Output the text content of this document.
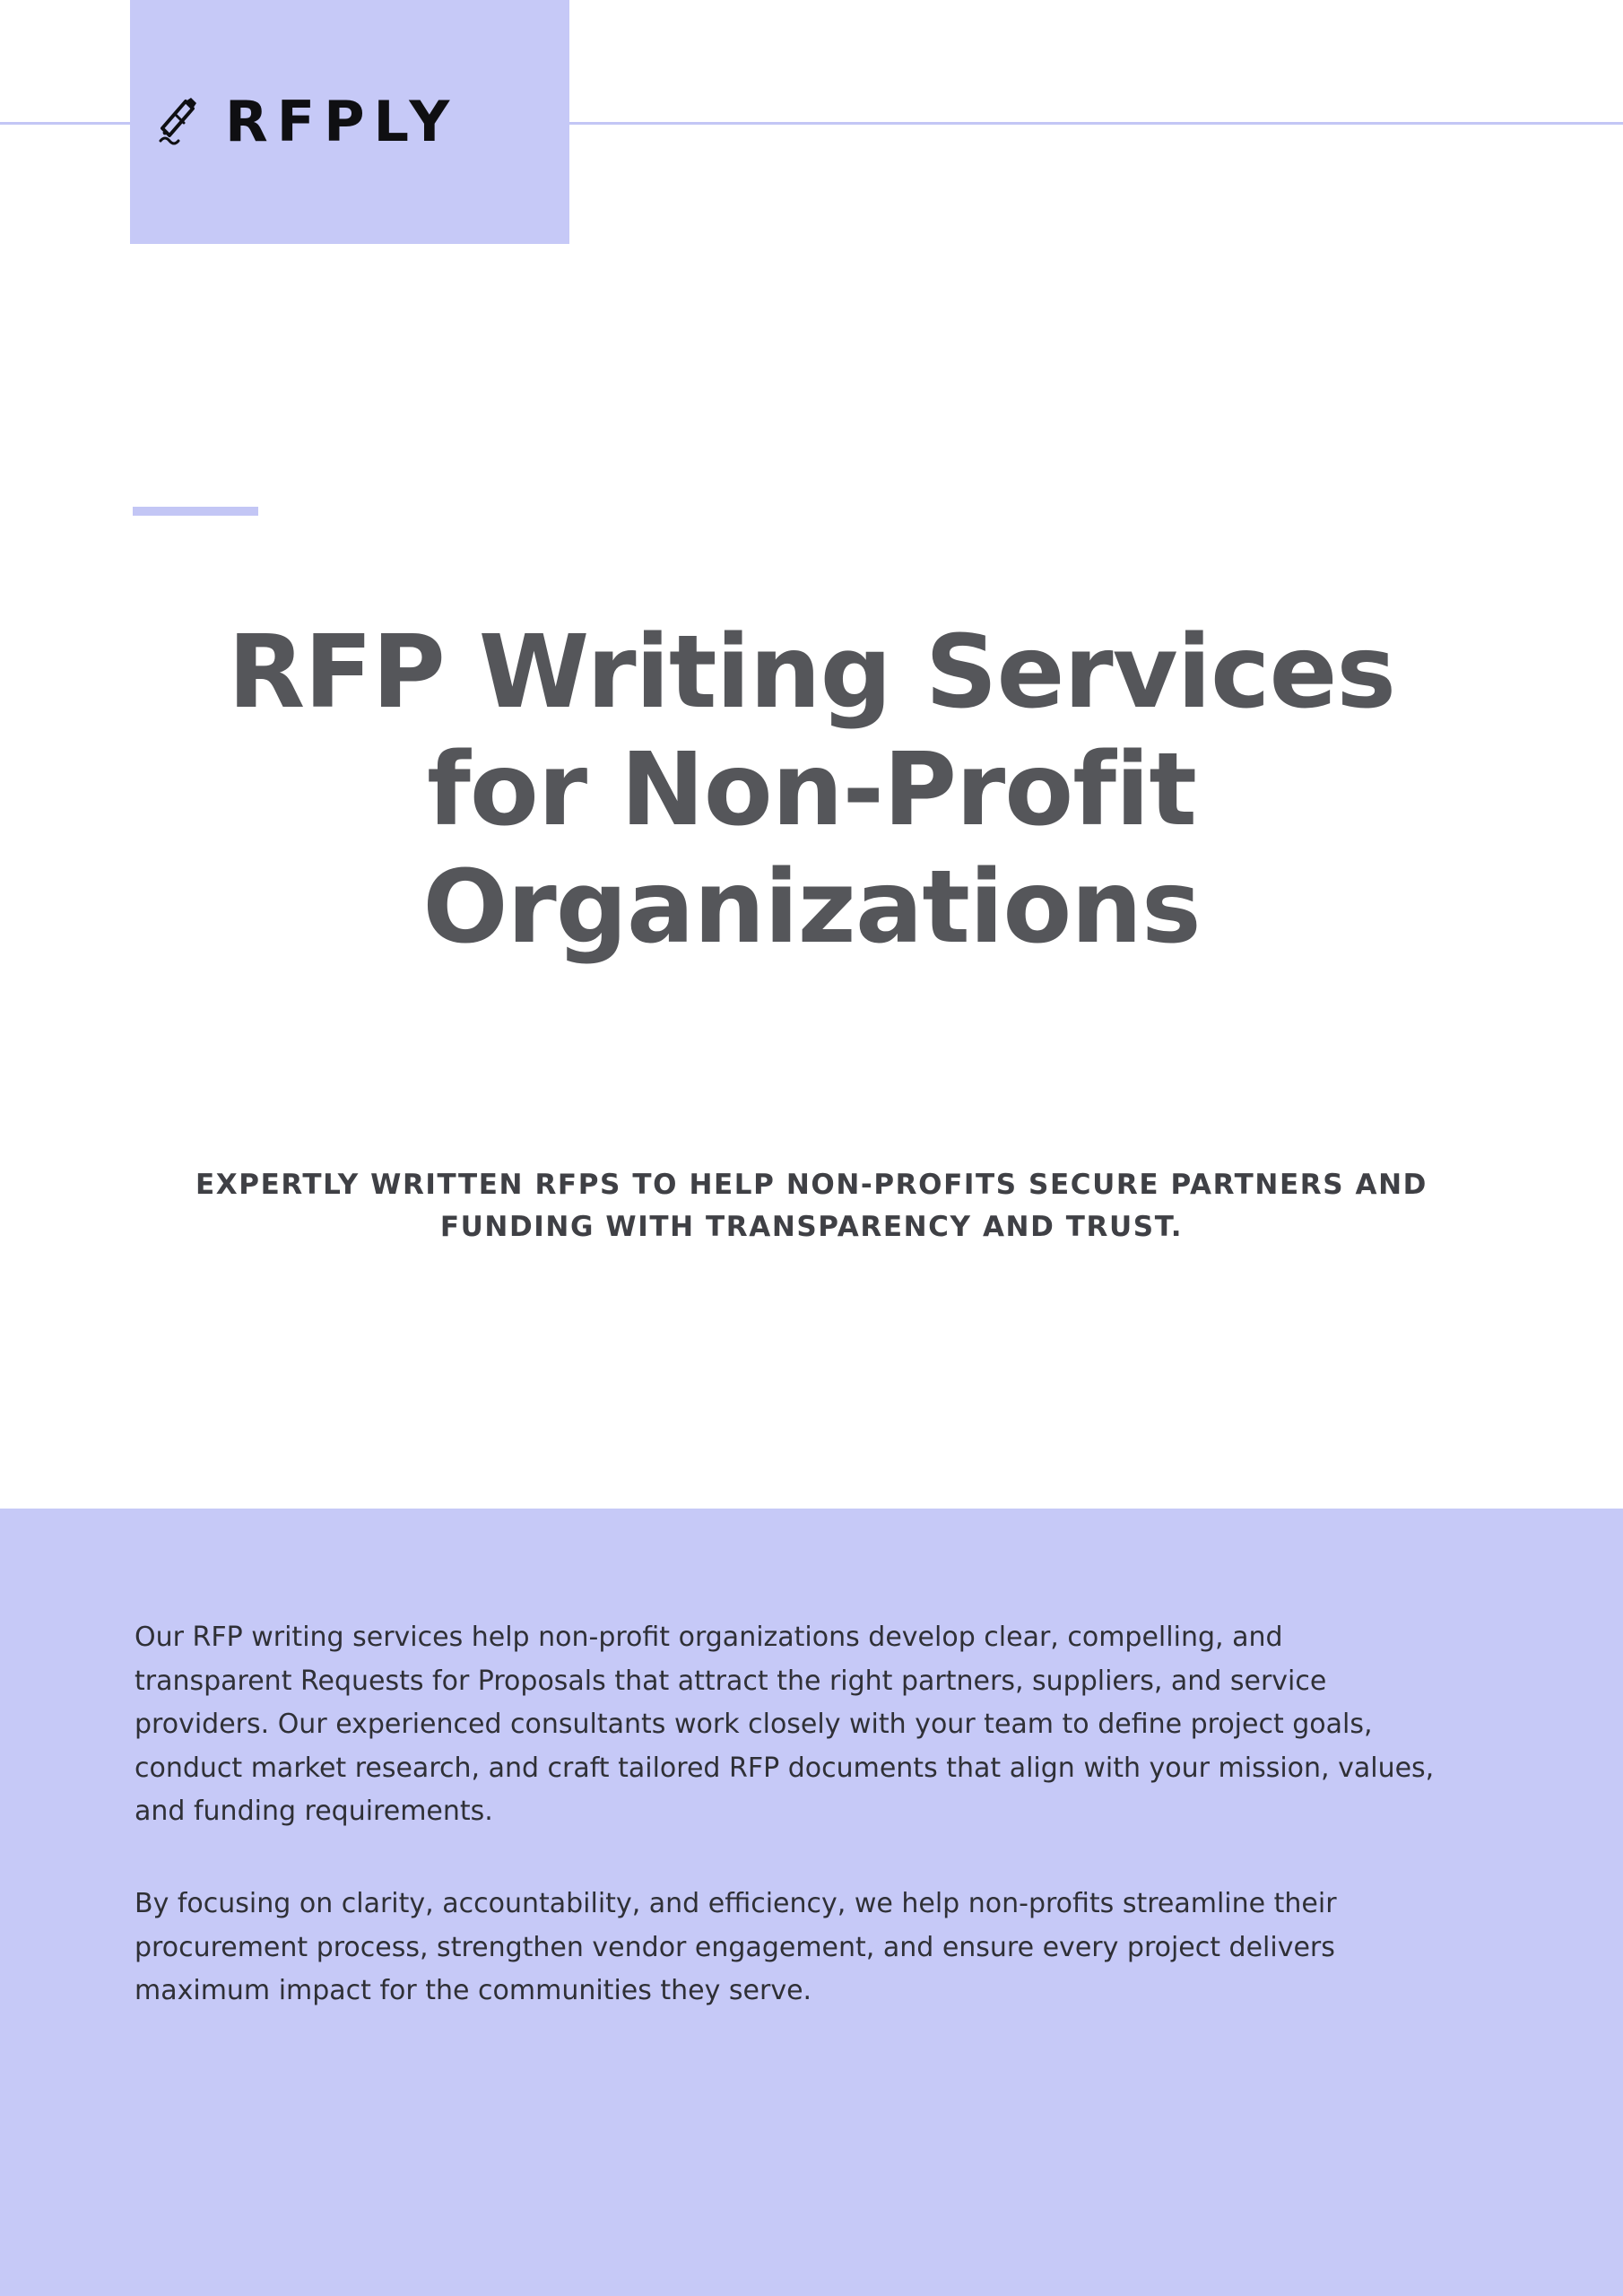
RFPLY
RFP Writing Services for Non-Profit Organizations
EXPERTLY WRITTEN RFPS TO HELP NON-PROFITS SECURE PARTNERS AND FUNDING WITH TRANSPARENCY AND TRUST.

Our RFP writing services help non-profit organizations develop clear, compelling, and transparent Requests for Proposals that attract the right partners, suppliers, and service providers. Our experienced consultants work closely with your team to define project goals, conduct market research, and craft tailored RFP documents that align with your mission, values, and funding requirements.

By focusing on clarity, accountability, and efficiency, we help non-profits streamline their procurement process, strengthen vendor engagement, and ensure every project delivers maximum impact for the communities they serve.
